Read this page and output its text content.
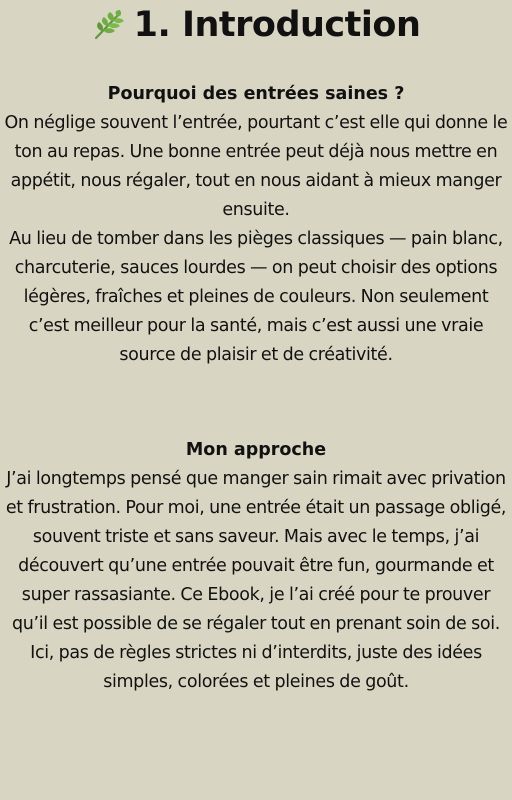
1. Introduction
Pourquoi des entrées saines ?

On néglige souvent l’entrée, pourtant c’est elle qui donne le ton au repas. Une bonne entrée peut déjà nous mettre en appétit, nous régaler, tout en nous aidant à mieux manger ensuite.

Au lieu de tomber dans les pièges classiques — pain blanc, charcuterie, sauces lourdes — on peut choisir des options légères, fraîches et pleines de couleurs. Non seulement c’est meilleur pour la santé, mais c’est aussi une vraie source de plaisir et de créativité.

Mon approche

J’ai longtemps pensé que manger sain rimait avec privation et frustration. Pour moi, une entrée était un passage obligé, souvent triste et sans saveur. Mais avec le temps, j’ai découvert qu’une entrée pouvait être fun, gourmande et super rassasiante. Ce Ebook, je l’ai créé pour te prouver qu’il est possible de se régaler tout en prenant soin de soi. Ici, pas de règles strictes ni d’interdits, juste des idées simples, colorées et pleines de goût.
